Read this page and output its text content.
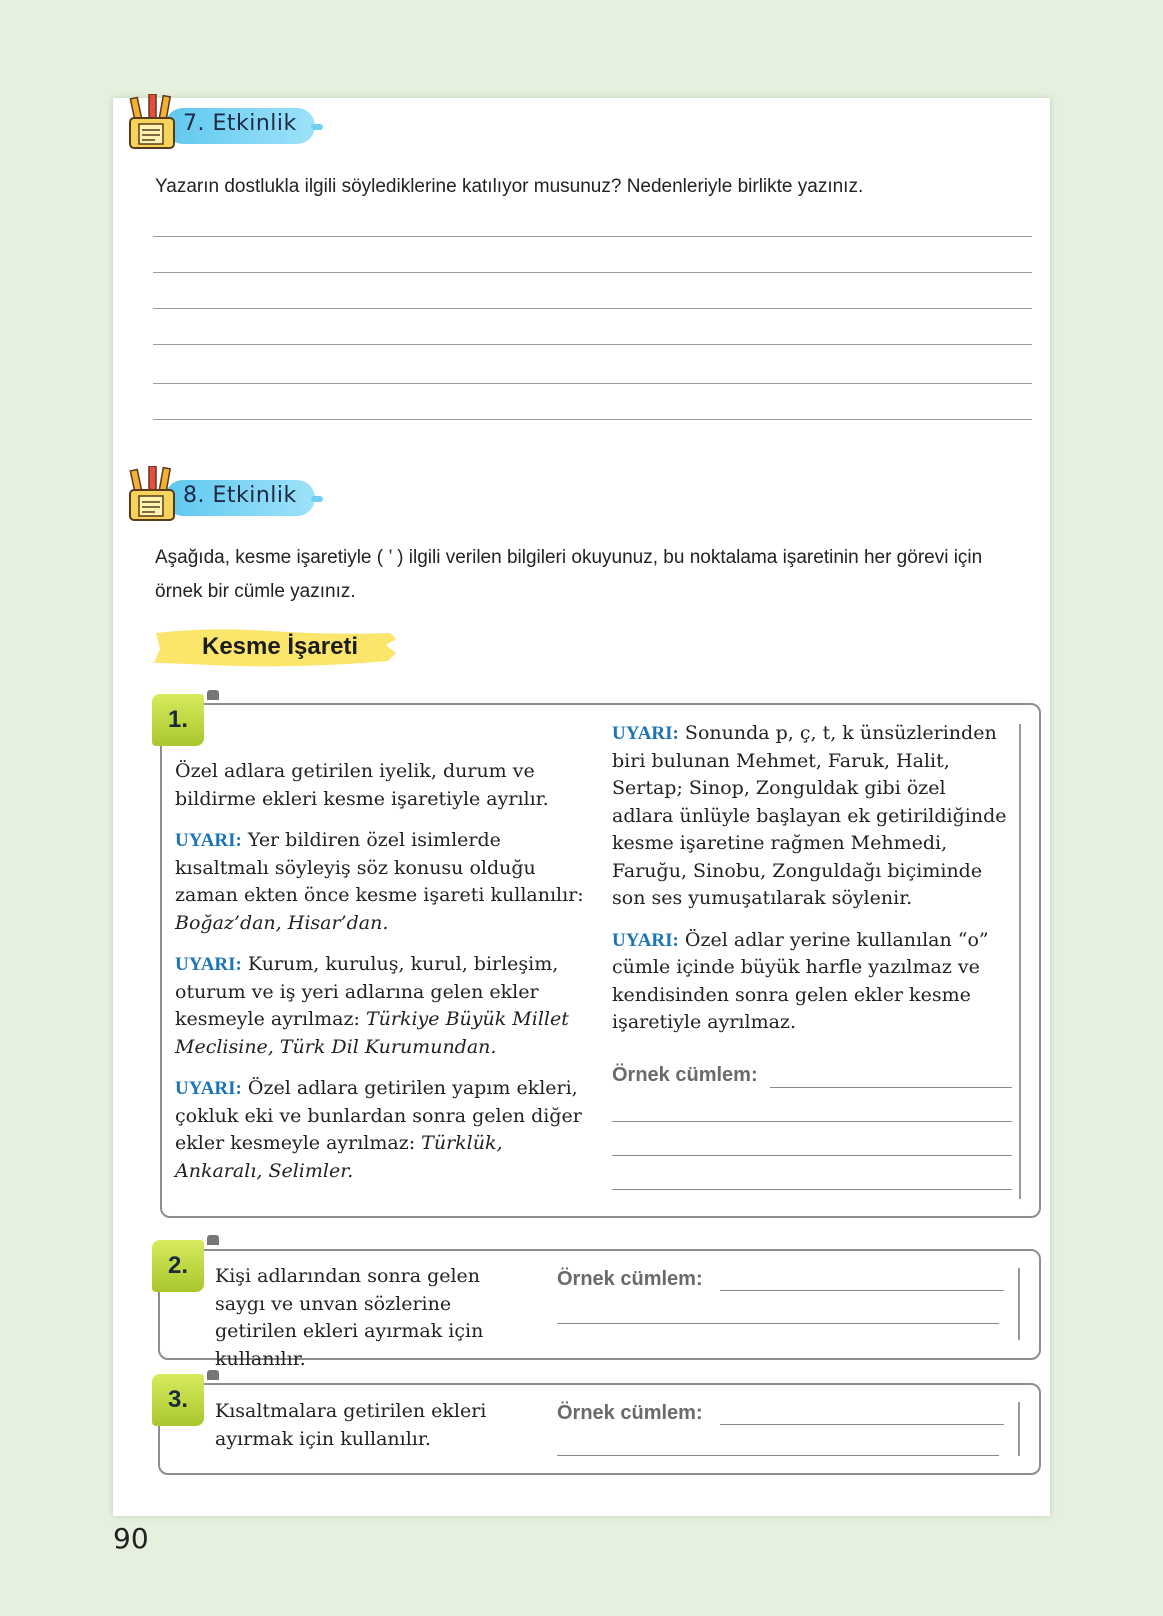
7. Etkinlik
Yazarın dostlukla ilgili söylediklerine katılıyor musunuz? Nedenleriyle birlikte yazınız.
8. Etkinlik
Aşağıda, kesme işaretiyle ( ’ ) ilgili verilen bilgileri okuyunuz, bu noktalama işaretinin her görevi için örnek bir cümle yazınız.
Kesme İşareti
1.

Özel adlara getirilen iyelik, durum ve bildirme ekleri kesme işaretiyle ayrılır.

UYARI: Yer bildiren özel isimlerde kısaltmalı söyleyiş söz konusu olduğu zaman ekten önce kesme işareti kullanılır: Boğaz’dan, Hisar’dan.

UYARI: Kurum, kuruluş, kurul, birleşim, oturum ve iş yeri adlarına gelen ekler kesmeyle ayrılmaz: Türkiye Büyük Millet Meclisine, Türk Dil Kurumundan.

UYARI: Özel adlara getirilen yapım ekleri, çokluk eki ve bunlardan sonra gelen diğer ekler kesmeyle ayrılmaz: Türklük, Ankaralı, Selimler.

UYARI: Sonunda p, ç, t, k ünsüzlerinden biri bulunan Mehmet, Faruk, Halit, Sertap; Sinop, Zonguldak gibi özel adlara ünlüyle başlayan ek getirildiğinde kesme işaretine rağmen Mehmedi, Faruğu, Sinobu, Zonguldağı biçiminde son ses yumuşatılarak söylenir.

UYARI: Özel adlar yerine kullanılan “o” cümle içinde büyük harfle yazılmaz ve kendisinden sonra gelen ekler kesme işaretiyle ayrılmaz.

Örnek cümlem:
2.	Kişi adlarından sonra gelen saygı ve unvan sözlerine getirilen ekleri ayırmak için kullanılır.
Örnek cümlem:
3.	Kısaltmalara getirilen ekleri ayırmak için kullanılır.
Örnek cümlem:
90
